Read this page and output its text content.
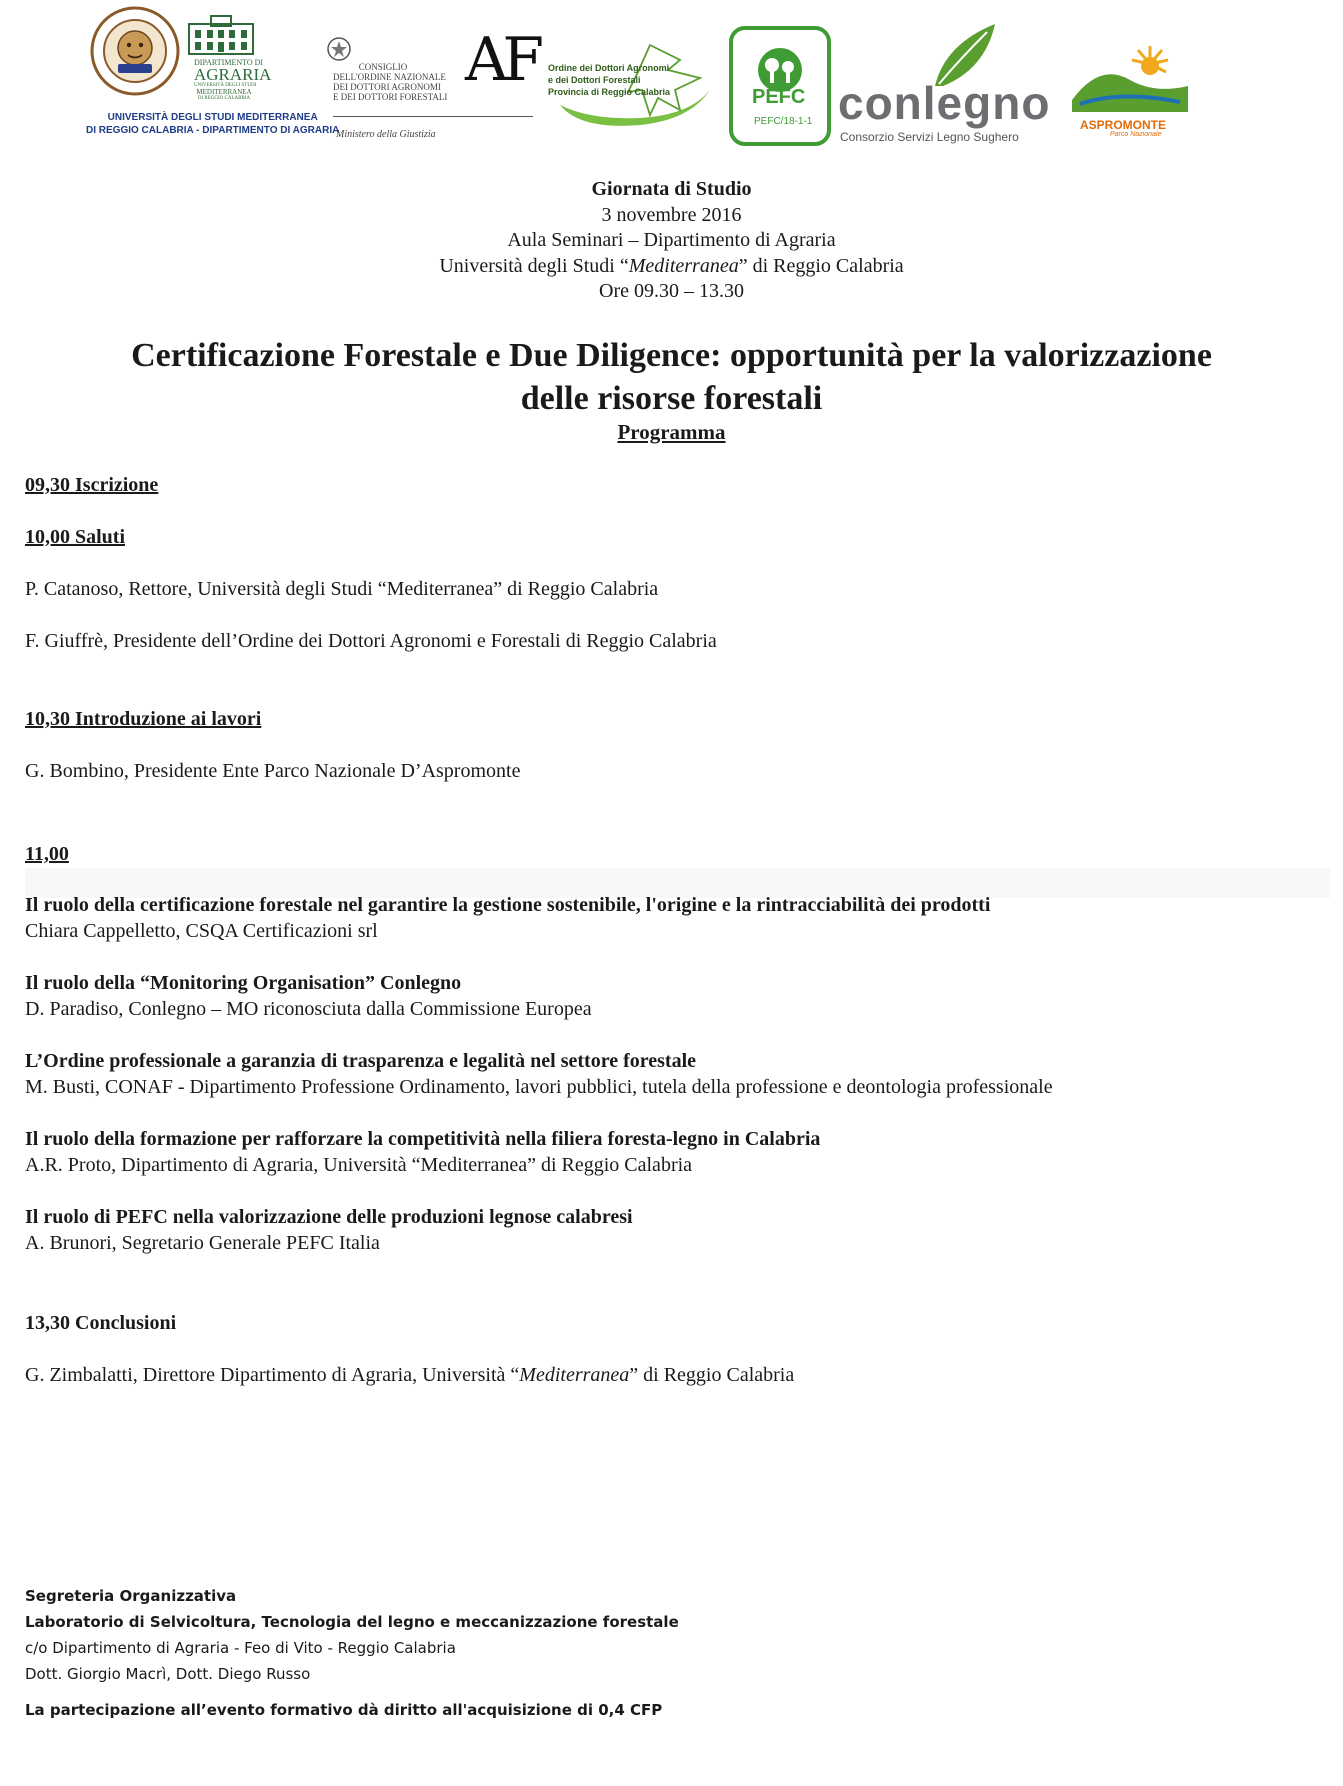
UNIVERSITÀ DEGLI STUDI MEDITERRANEA
DI REGGIO CALABRIA - DIPARTIMENTO DI AGRARIA
DIPARTIMENTO DI
AGRARIA
UNIVERSITÀ DEGLI STUDI
MEDITERRANEA
DI REGGIO CALABRIA
CONSIGLIO
DELL'ORDINE NAZIONALE
DEI DOTTORI AGRONOMI
E DEI DOTTORI FORESTALI
Ministero della Giustizia
AF Ordine dei Dottori Agronomi
e dei Dottori Forestali
Provincia di Reggio Calabria	PEFC
PEFC/18-1-1 conlegno
Consorzio Servizi Legno Sughero
ASPROMONTE
Parco Nazionale
Giornata di Studio
3 novembre 2016
Aula Seminari – Dipartimento di Agraria
Università degli Studi “Mediterranea” di Reggio Calabria
Ore 09.30 – 13.30
Certificazione Forestale e Due Diligence: opportunità per la valorizzazione
delle risorse forestali
Programma
09,30 Iscrizione
10,00 Saluti
P. Catanoso, Rettore, Università degli Studi “Mediterranea” di Reggio Calabria
F. Giuffrè, Presidente dell’Ordine dei Dottori Agronomi e Forestali di Reggio Calabria
10,30 Introduzione ai lavori
G. Bombino, Presidente Ente Parco Nazionale D’Aspromonte
11,00
Il ruolo della certificazione forestale nel garantire la gestione sostenibile, l'origine e la rintracciabilità dei prodotti
Chiara Cappelletto, CSQA Certificazioni srl
Il ruolo della “Monitoring Organisation” Conlegno
D. Paradiso, Conlegno – MO riconosciuta dalla Commissione Europea
L’Ordine professionale a garanzia di trasparenza e legalità nel settore forestale
M. Busti, CONAF - Dipartimento Professione Ordinamento, lavori pubblici, tutela della professione e deontologia professionale
Il ruolo della formazione per rafforzare la competitività nella filiera foresta-legno in Calabria
A.R. Proto, Dipartimento di Agraria, Università “Mediterranea” di Reggio Calabria
Il ruolo di PEFC nella valorizzazione delle produzioni legnose calabresi
A. Brunori, Segretario Generale PEFC Italia
13,30 Conclusioni
G. Zimbalatti, Direttore Dipartimento di Agraria, Università “Mediterranea” di Reggio Calabria
Segreteria Organizzativa
Laboratorio di Selvicoltura, Tecnologia del legno e meccanizzazione forestale
c/o Dipartimento di Agraria - Feo di Vito - Reggio Calabria
Dott. Giorgio Macrì, Dott. Diego Russo
La partecipazione all’evento formativo dà diritto all'acquisizione di 0,4 CFP
